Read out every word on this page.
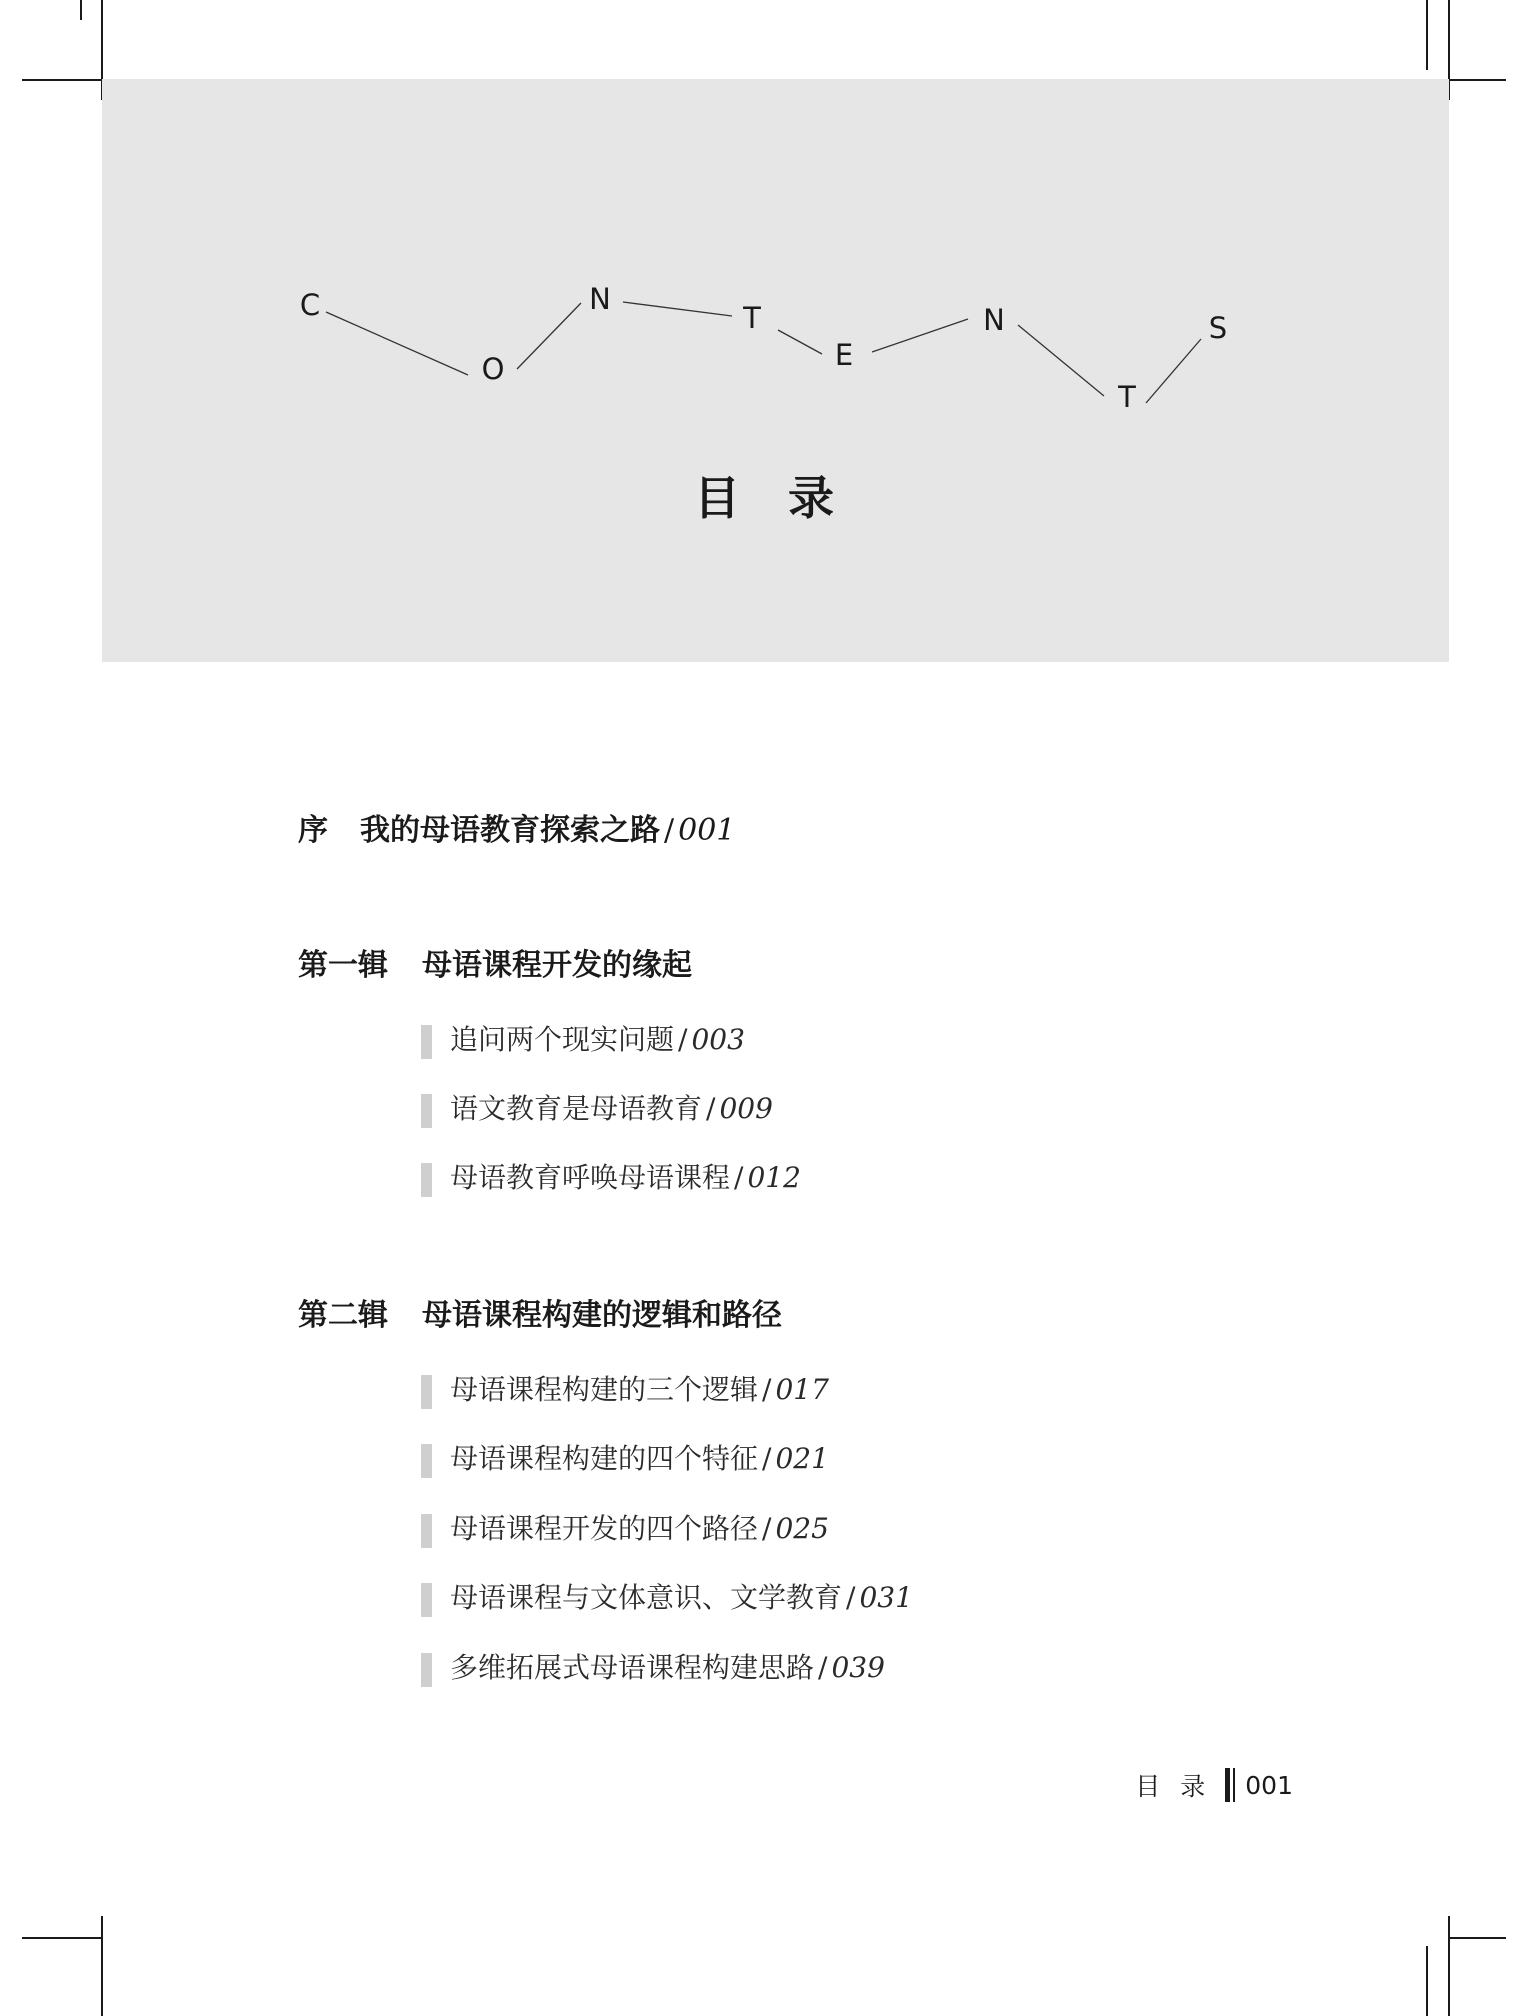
C
O
N
T
E
N
T
S
目录
序 我的母语教育探索之路 / 001
第一辑 母语课程开发的缘起
追问两个现实问题 / 003
语文教育是母语教育 / 009
母语教育呼唤母语课程 / 012
第二辑 母语课程构建的逻辑和路径
母语课程构建的三个逻辑 / 017
母语课程构建的四个特征 / 021
母语课程开发的四个路径 / 025
母语课程与文体意识、文学教育 / 031
多维拓展式母语课程构建思路 / 039
目录 001
